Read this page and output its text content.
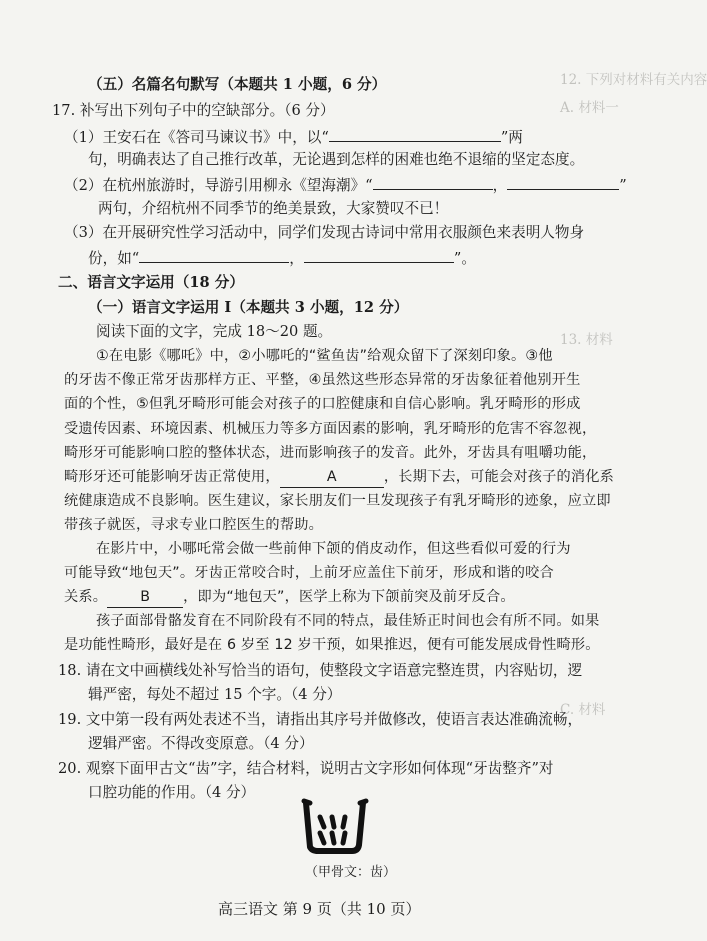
12. 下列对材料有关内容
A. 材料一
13. 材料
C. 材料
（五）名篇名句默写（本题共 1 小题，6 分）
17. 补写出下列句子中的空缺部分。（6 分）
（1）王安石在《答司马谏议书》中，以“	”两
句，明确表达了自己推行改革，无论遇到怎样的困难也绝不退缩的坚定态度。
（2）在杭州旅游时，导游引用柳永《望海潮》“	，	”
两句，介绍杭州不同季节的绝美景致，大家赞叹不已！
（3）在开展研究性学习活动中，同学们发现古诗词中常用衣服颜色来表明人物身
份，如“	，	”。
二、语言文字运用（18 分）
（一）语言文字运用 Ⅰ（本题共 3 小题，12 分）
阅读下面的文字，完成 18～20 题。
①在电影《哪吒》中，②小哪吒的“鲨鱼齿”给观众留下了深刻印象。③他
的牙齿不像正常牙齿那样方正、平整，④虽然这些形态异常的牙齿象征着他别开生
面的个性，⑤但乳牙畸形可能会对孩子的口腔健康和自信心影响。乳牙畸形的形成
受遗传因素、环境因素、机械压力等多方面因素的影响，乳牙畸形的危害不容忽视，
畸形牙可能影响口腔的整体状态，进而影响孩子的发音。此外，牙齿具有咀嚼功能，
畸形牙还可能影响牙齿正常使用，	A	，长期下去，可能会对孩子的消化系
统健康造成不良影响。医生建议，家长朋友们一旦发现孩子有乳牙畸形的迹象，应立即
带孩子就医，寻求专业口腔医生的帮助。
在影片中，小哪吒常会做一些前伸下颌的俏皮动作，但这些看似可爱的行为
可能导致“地包天”。牙齿正常咬合时，上前牙应盖住下前牙，形成和谐的咬合
关系。 B ，即为“地包天”，医学上称为下颌前突及前牙反合。
孩子面部骨骼发育在不同阶段有不同的特点，最佳矫正时间也会有所不同。如果
是功能性畸形，最好是在 6 岁至 12 岁干预，如果推迟，便有可能发展成骨性畸形。
18. 请在文中画横线处补写恰当的语句，使整段文字语意完整连贯，内容贴切，逻
辑严密，每处不超过 15 个字。（4 分）
19. 文中第一段有两处表述不当，请指出其序号并做修改，使语言表达准确流畅，
逻辑严密。不得改变原意。（4 分）
20. 观察下面甲古文“齿”字，结合材料，说明古文字形如何体现“牙齿整齐”对
口腔功能的作用。（4 分）
（甲骨文：齿）
高三语文 第 9 页（共 10 页）
